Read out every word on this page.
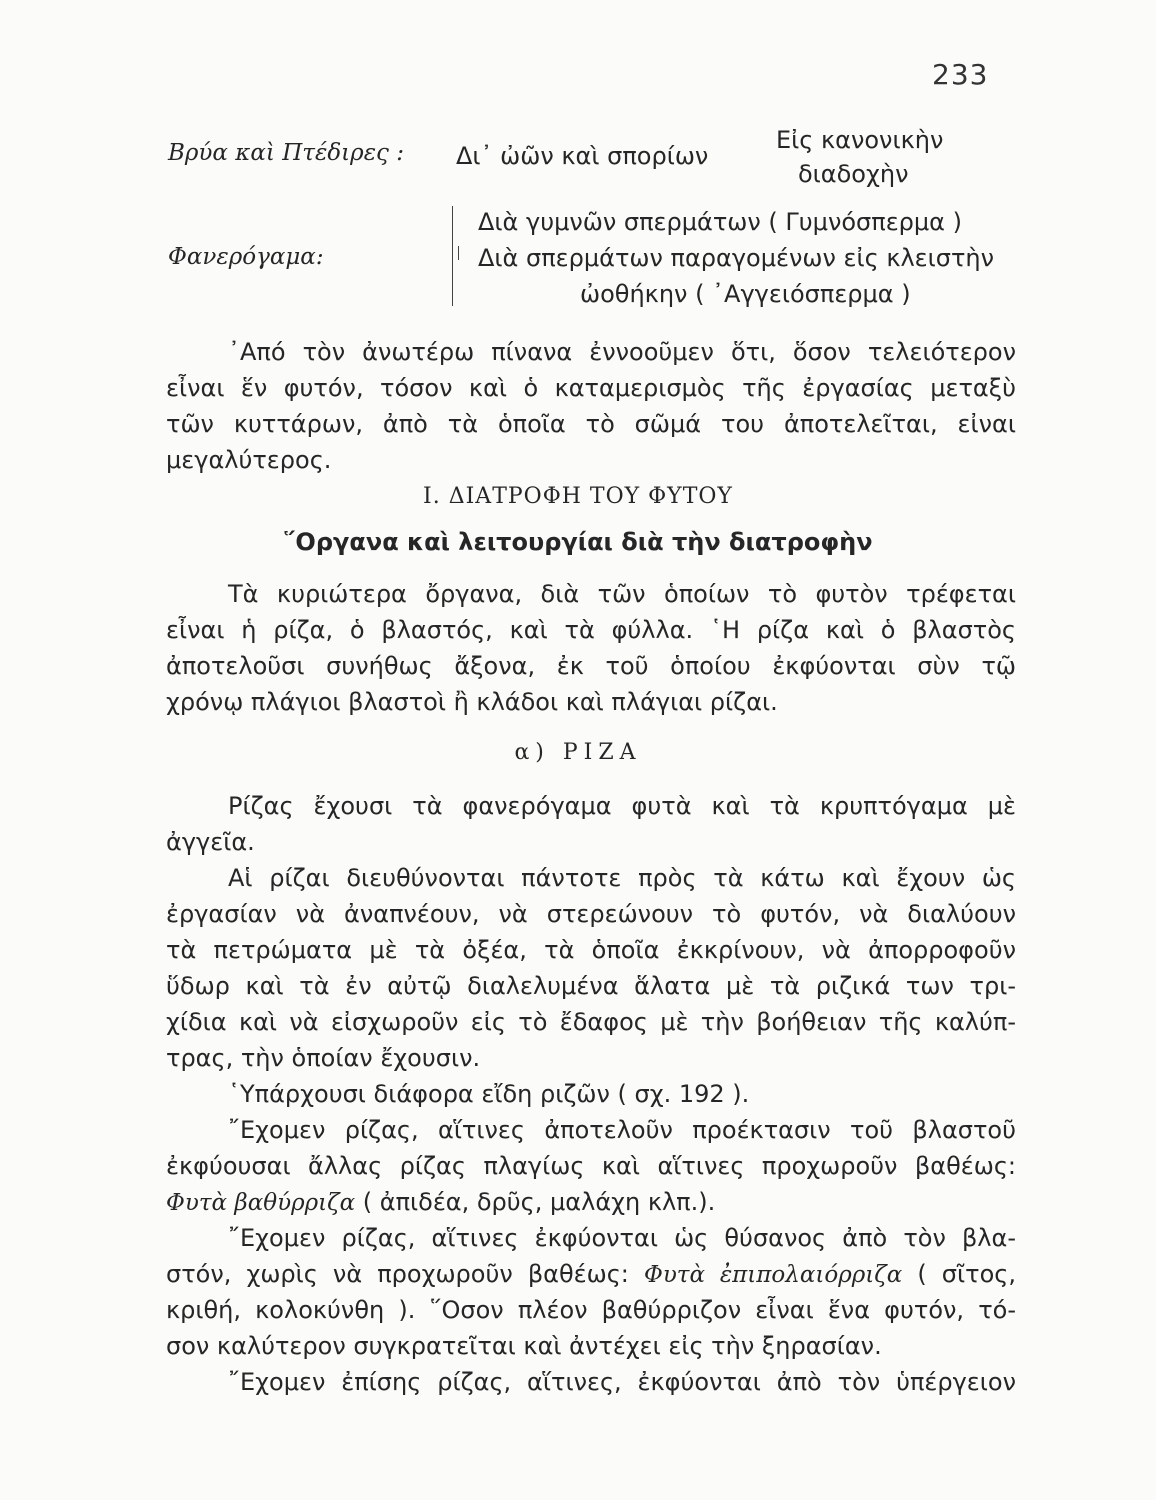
233
Βρύα καὶ Πτέδιρες : Δι᾽ ὠῶν καὶ σπορίων
Εἰς κανονικὴν
διαδοχὴν
Φανερόγαμα:
Διὰ γυμνῶν σπερμάτων ( Γυμνόσπερμα )
Διὰ σπερμάτων παραγομένων εἰς κλειστὴν
ὠοθήκην ( ᾽Αγγειόσπερμα )
᾽Από τὸν ἀνωτέρω πίνανα ἐννοοῦμεν ὅτι, ὅσον τελειότερον
εἶναι ἕν φυτόν, τόσον καὶ ὁ καταμερισμὸς τῆς ἐργασίας μεταξὺ
τῶν κυττάρων, ἀπὸ τὰ ὁποῖα τὸ σῶμά του ἀποτελεῖται, εἰναι
μεγαλύτερος.
I. ΔΙΑΤΡΟΦΗ ΤΟΥ ΦΥΤΟΥ
῞Οργανα καὶ λειτουργίαι διὰ τὴν διατροφὴν
Τὰ κυριώτερα ὄργανα, διὰ τῶν ὁποίων τὸ φυτὸν τρέφεται
εἶναι ἡ ρίζα, ὁ βλαστός, καὶ τὰ φύλλα. ῾Η ρίζα καὶ ὁ βλαστὸς
ἀποτελοῦσι συνήθως ἄξονα, ἐκ τοῦ ὁποίου ἐκφύονται σὺν τῷ
χρόνῳ πλάγιοι βλαστοὶ ἢ κλάδοι καὶ πλάγιαι ρίζαι.
α) ΡΙΖΑ
Ρίζας ἔχουσι τὰ φανερόγαμα φυτὰ καὶ τὰ κρυπτόγαμα μὲ
ἀγγεῖα.
Αἱ ρίζαι διευθύνονται πάντοτε πρὸς τὰ κάτω καὶ ἔχουν ὡς
ἐργασίαν νὰ ἀναπνέουν, νὰ στερεώνουν τὸ φυτόν, νὰ διαλύουν
τὰ πετρώματα μὲ τὰ ὀξέα, τὰ ὁποῖα ἐκκρίνουν, νὰ ἀπορροφοῦν
ὕδωρ καὶ τὰ ἐν αὐτῷ διαλελυμένα ἅλατα μὲ τὰ ριζικά των τρι-
χίδια καὶ νὰ εἰσχωροῦν εἰς τὸ ἔδαφος μὲ τὴν βοήθειαν τῆς καλύπ-
τρας, τὴν ὁποίαν ἔχουσιν.
῾Υπάρχουσι διάφορα εἴδη ριζῶν ( σχ. 192 ).
῎Εχομεν ρίζας, αἵτινες ἀποτελοῦν προέκτασιν τοῦ βλαστοῦ
ἐκφύουσαι ἄλλας ρίζας πλαγίως καὶ αἵτινες προχωροῦν βαθέως:
Φυτὰ βαθύρριζα ( ἀπιδέα, δρῦς, μαλάχη κλπ.).
῎Εχομεν ρίζας, αἵτινες ἐκφύονται ὡς θύσανος ἀπὸ τὸν βλα-
στόν, χωρὶς νὰ προχωροῦν βαθέως: Φυτὰ ἐπιπολαιόρριζα ( σῖτος,
κριθή, κολοκύνθη ). ῞Οσον πλέον βαθύρριζον εἶναι ἕνα φυτόν, τό-
σον καλύτερον συγκρατεῖται καὶ ἀντέχει εἰς τὴν ξηρασίαν.
῎Εχομεν ἐπίσης ρίζας, αἵτινες, ἐκφύονται ἀπὸ τὸν ὑπέργειον
